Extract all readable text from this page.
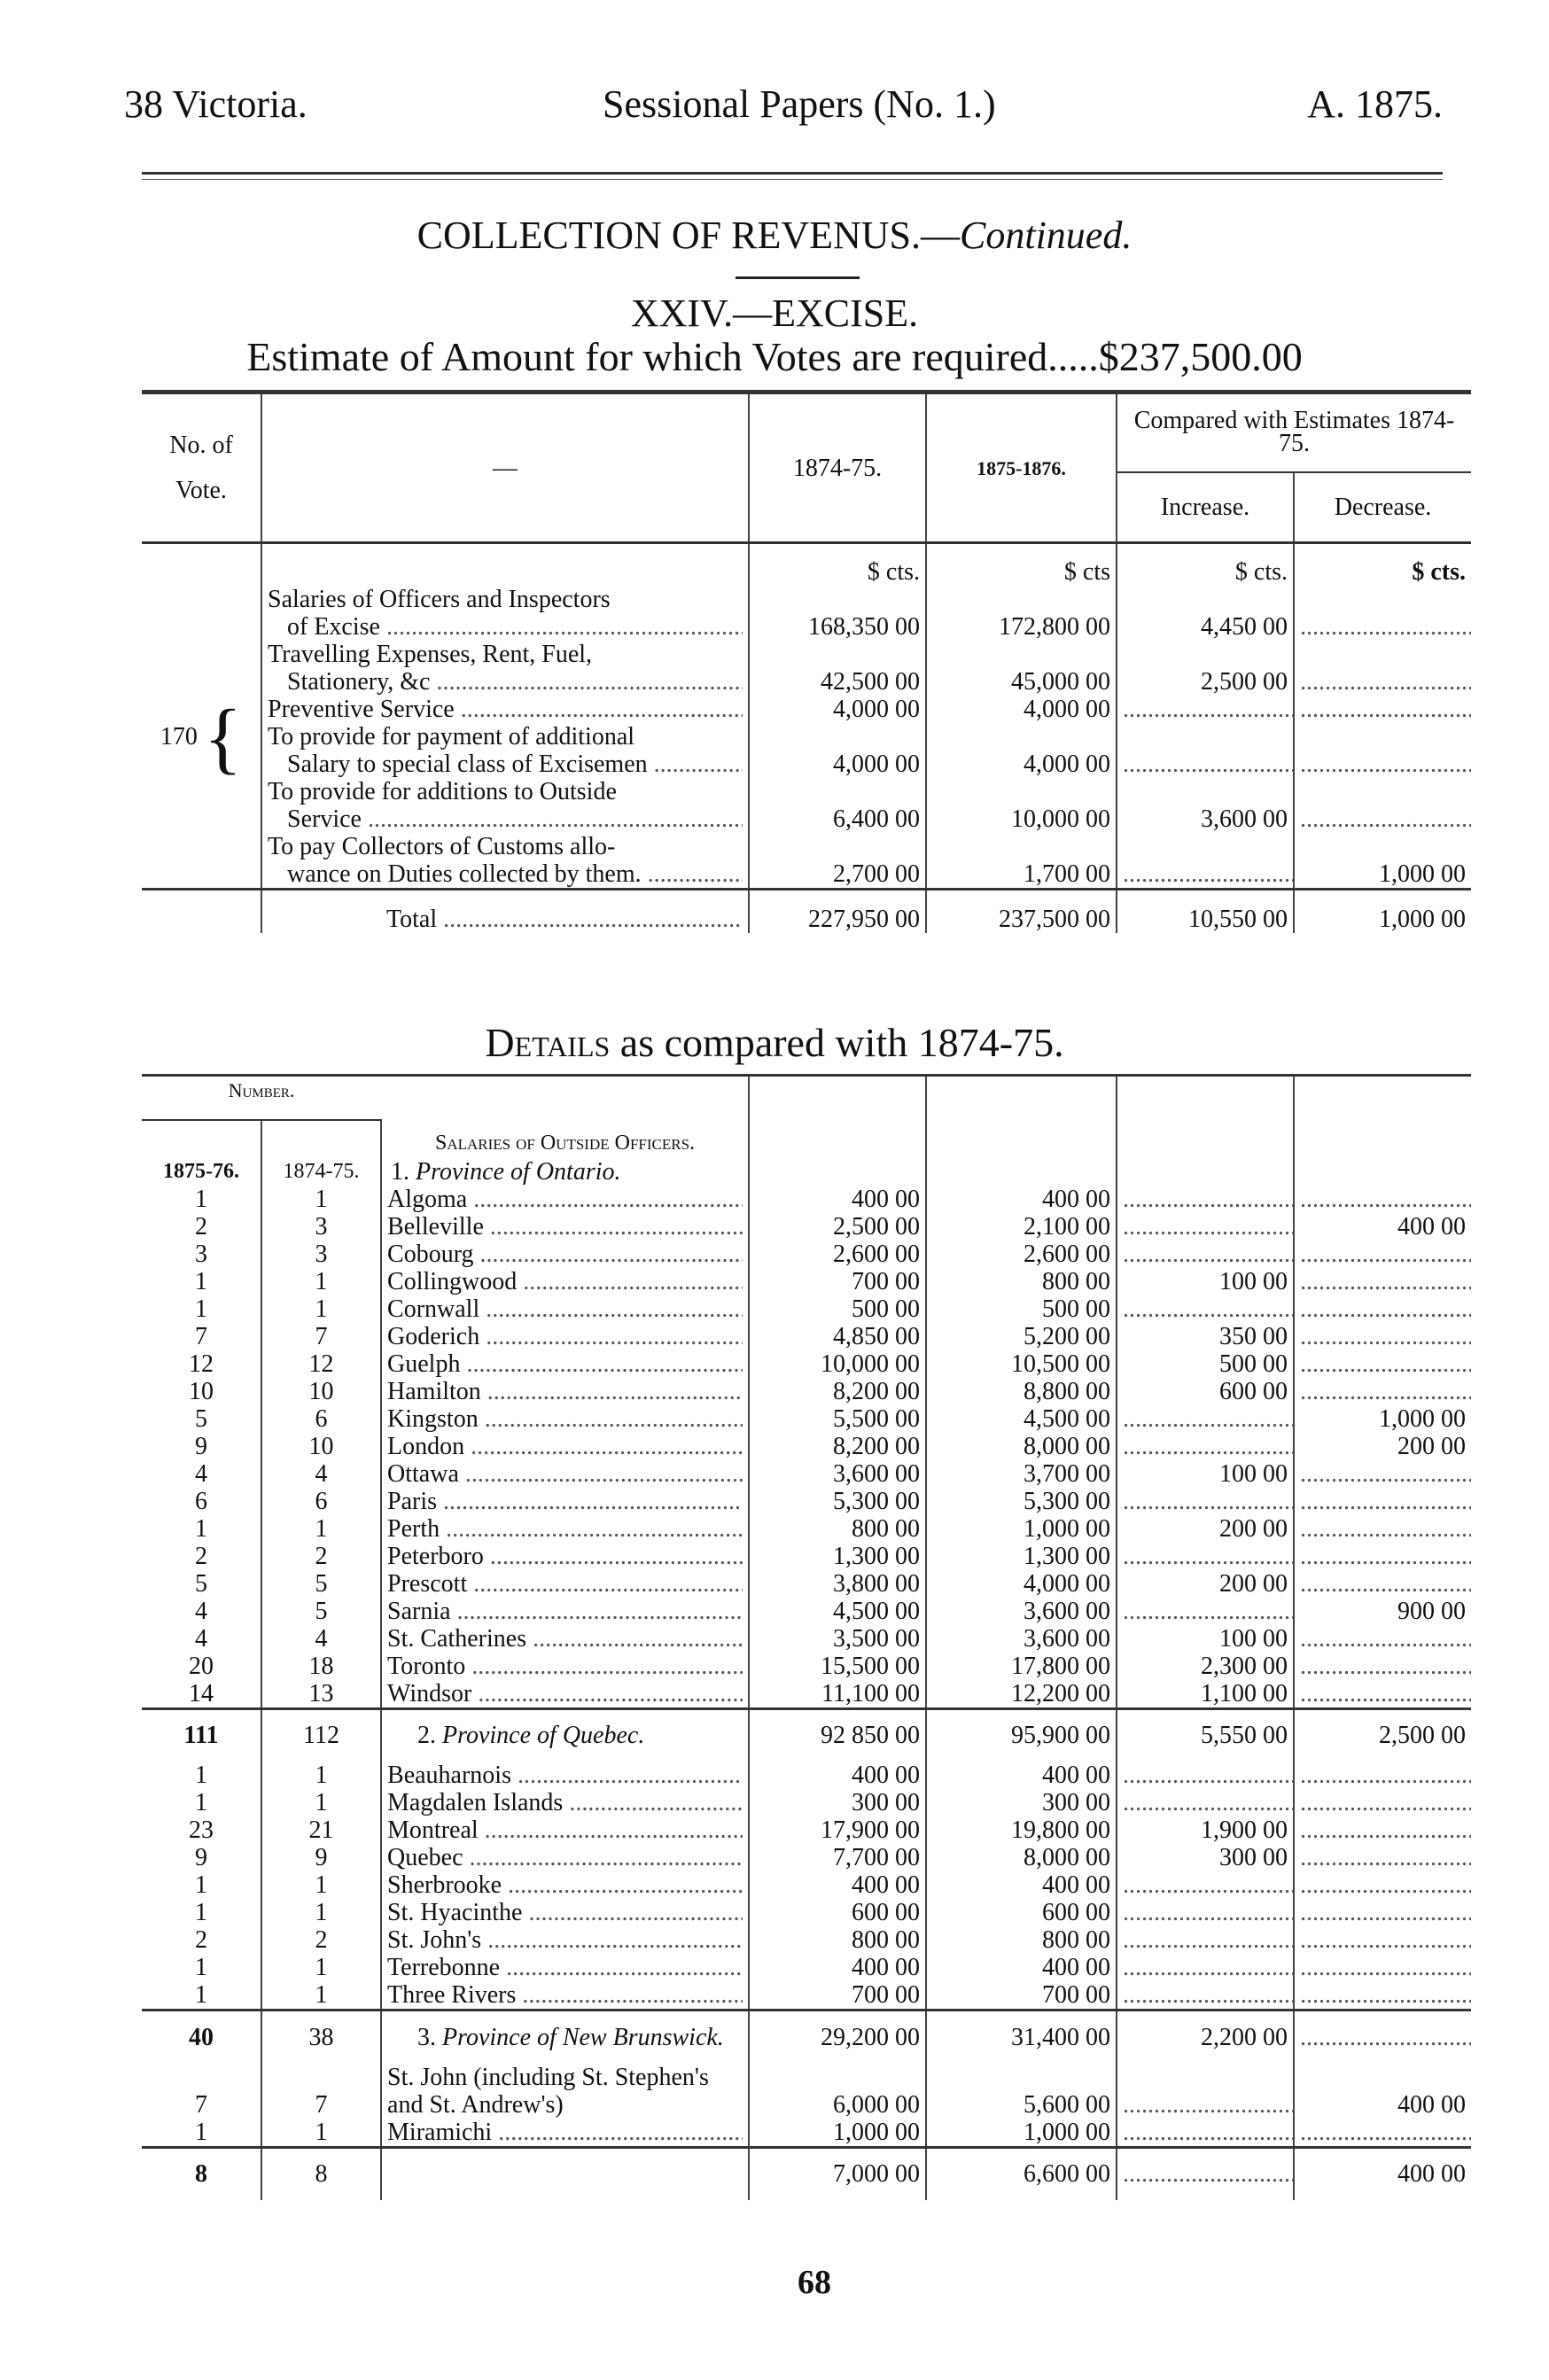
38 Victoria.	Sessional Papers (No. 1.)	A. 1875.
COLLECTION OF REVENUS.—Continued.
XXIV.—EXCISE.
Estimate of Amount for which Votes are required.....$237,500.00
No. of
Vote.	—	1874-75.	1875-1876.	Compared with Estimates 1874-75.	
				Increase.	Decrease.
		$ cts.	$ cts	$ cts.	$ cts.
170 {	Salaries of Officers and Inspectors				

	of Excise .....	168,350 00	172,800 00	4,450 00	.....
	Travelling Expenses, Rent, Fuel,				

	Stationery, &c .....	42,500 00	45,000 00	2,500 00	.....

	Preventive Service .....	4,000 00	4,000 00	.....	.....
	To provide for payment of additional				

	Salary to special class of Excisemen .....	4,000 00	4,000 00	.....	.....
	To provide for additions to Outside				

	Service .....	6,400 00	10,000 00	3,600 00	.....
	To pay Collectors of Customs allo-				

	wance on Duties collected by them. .....	2,700 00	1,700 00	.....	1,000 00

	Total .....	227,950 00	237,500 00	10,550 00	1,000 00
Details as compared with 1874-75.
Number.		Salaries of Outside Officers.				

1875-76.	1874-75.	1. Province of Ontario.				
1	1	Algoma .....	400 00	400 00	.....	.....
2	3	Belleville .....	2,500 00	2,100 00	.....	400 00
3	3	Cobourg .....	2,600 00	2,600 00	.....	.....
1	1	Collingwood .....	700 00	800 00	100 00	.....
1	1	Cornwall .....	500 00	500 00	.....	.....
7	7	Goderich .....	4,850 00	5,200 00	350 00	.....
12	12	Guelph .....	10,000 00	10,500 00	500 00	.....
10	10	Hamilton .....	8,200 00	8,800 00	600 00	.....
5	6	Kingston .....	5,500 00	4,500 00	.....	1,000 00
9	10	London .....	8,200 00	8,000 00	.....	200 00
4	4	Ottawa .....	3,600 00	3,700 00	100 00	.....
6	6	Paris .....	5,300 00	5,300 00	.....	.....
1	1	Perth .....	800 00	1,000 00	200 00	.....
2	2	Peterboro .....	1,300 00	1,300 00	.....	.....
5	5	Prescott .....	3,800 00	4,000 00	200 00	.....
4	5	Sarnia .....	4,500 00	3,600 00	.....	900 00
4	4	St. Catherines .....	3,500 00	3,600 00	100 00	.....
20	18	Toronto .....	15,500 00	17,800 00	2,300 00	.....
14	13	Windsor .....	11,100 00	12,200 00	1,100 00	.....
111	112	2. Province of Quebec.	92 850 00	95,900 00	5,550 00	2,500 00
1	1	Beauharnois .....	400 00	400 00	.....	.....
1	1	Magdalen Islands .....	300 00	300 00	.....	.....
23	21	Montreal .....	17,900 00	19,800 00	1,900 00	.....
9	9	Quebec .....	7,700 00	8,000 00	300 00	.....
1	1	Sherbrooke .....	400 00	400 00	.....	.....
1	1	St. Hyacinthe .....	600 00	600 00	.....	.....
2	2	St. John's .....	800 00	800 00	.....	.....
1	1	Terrebonne .....	400 00	400 00	.....	.....
1	1	Three Rivers .....	700 00	700 00	.....	.....
40	38	3. Province of New Brunswick.	29,200 00	31,400 00	2,200 00	.....
7	7	St. John (including St. Stephen's and St. Andrew's)	6,000 00	5,600 00	.....	400 00
1	1	Miramichi .....	1,000 00	1,000 00	.....	.....
8	8		7,000 00	6,600 00	.....	400 00
68
